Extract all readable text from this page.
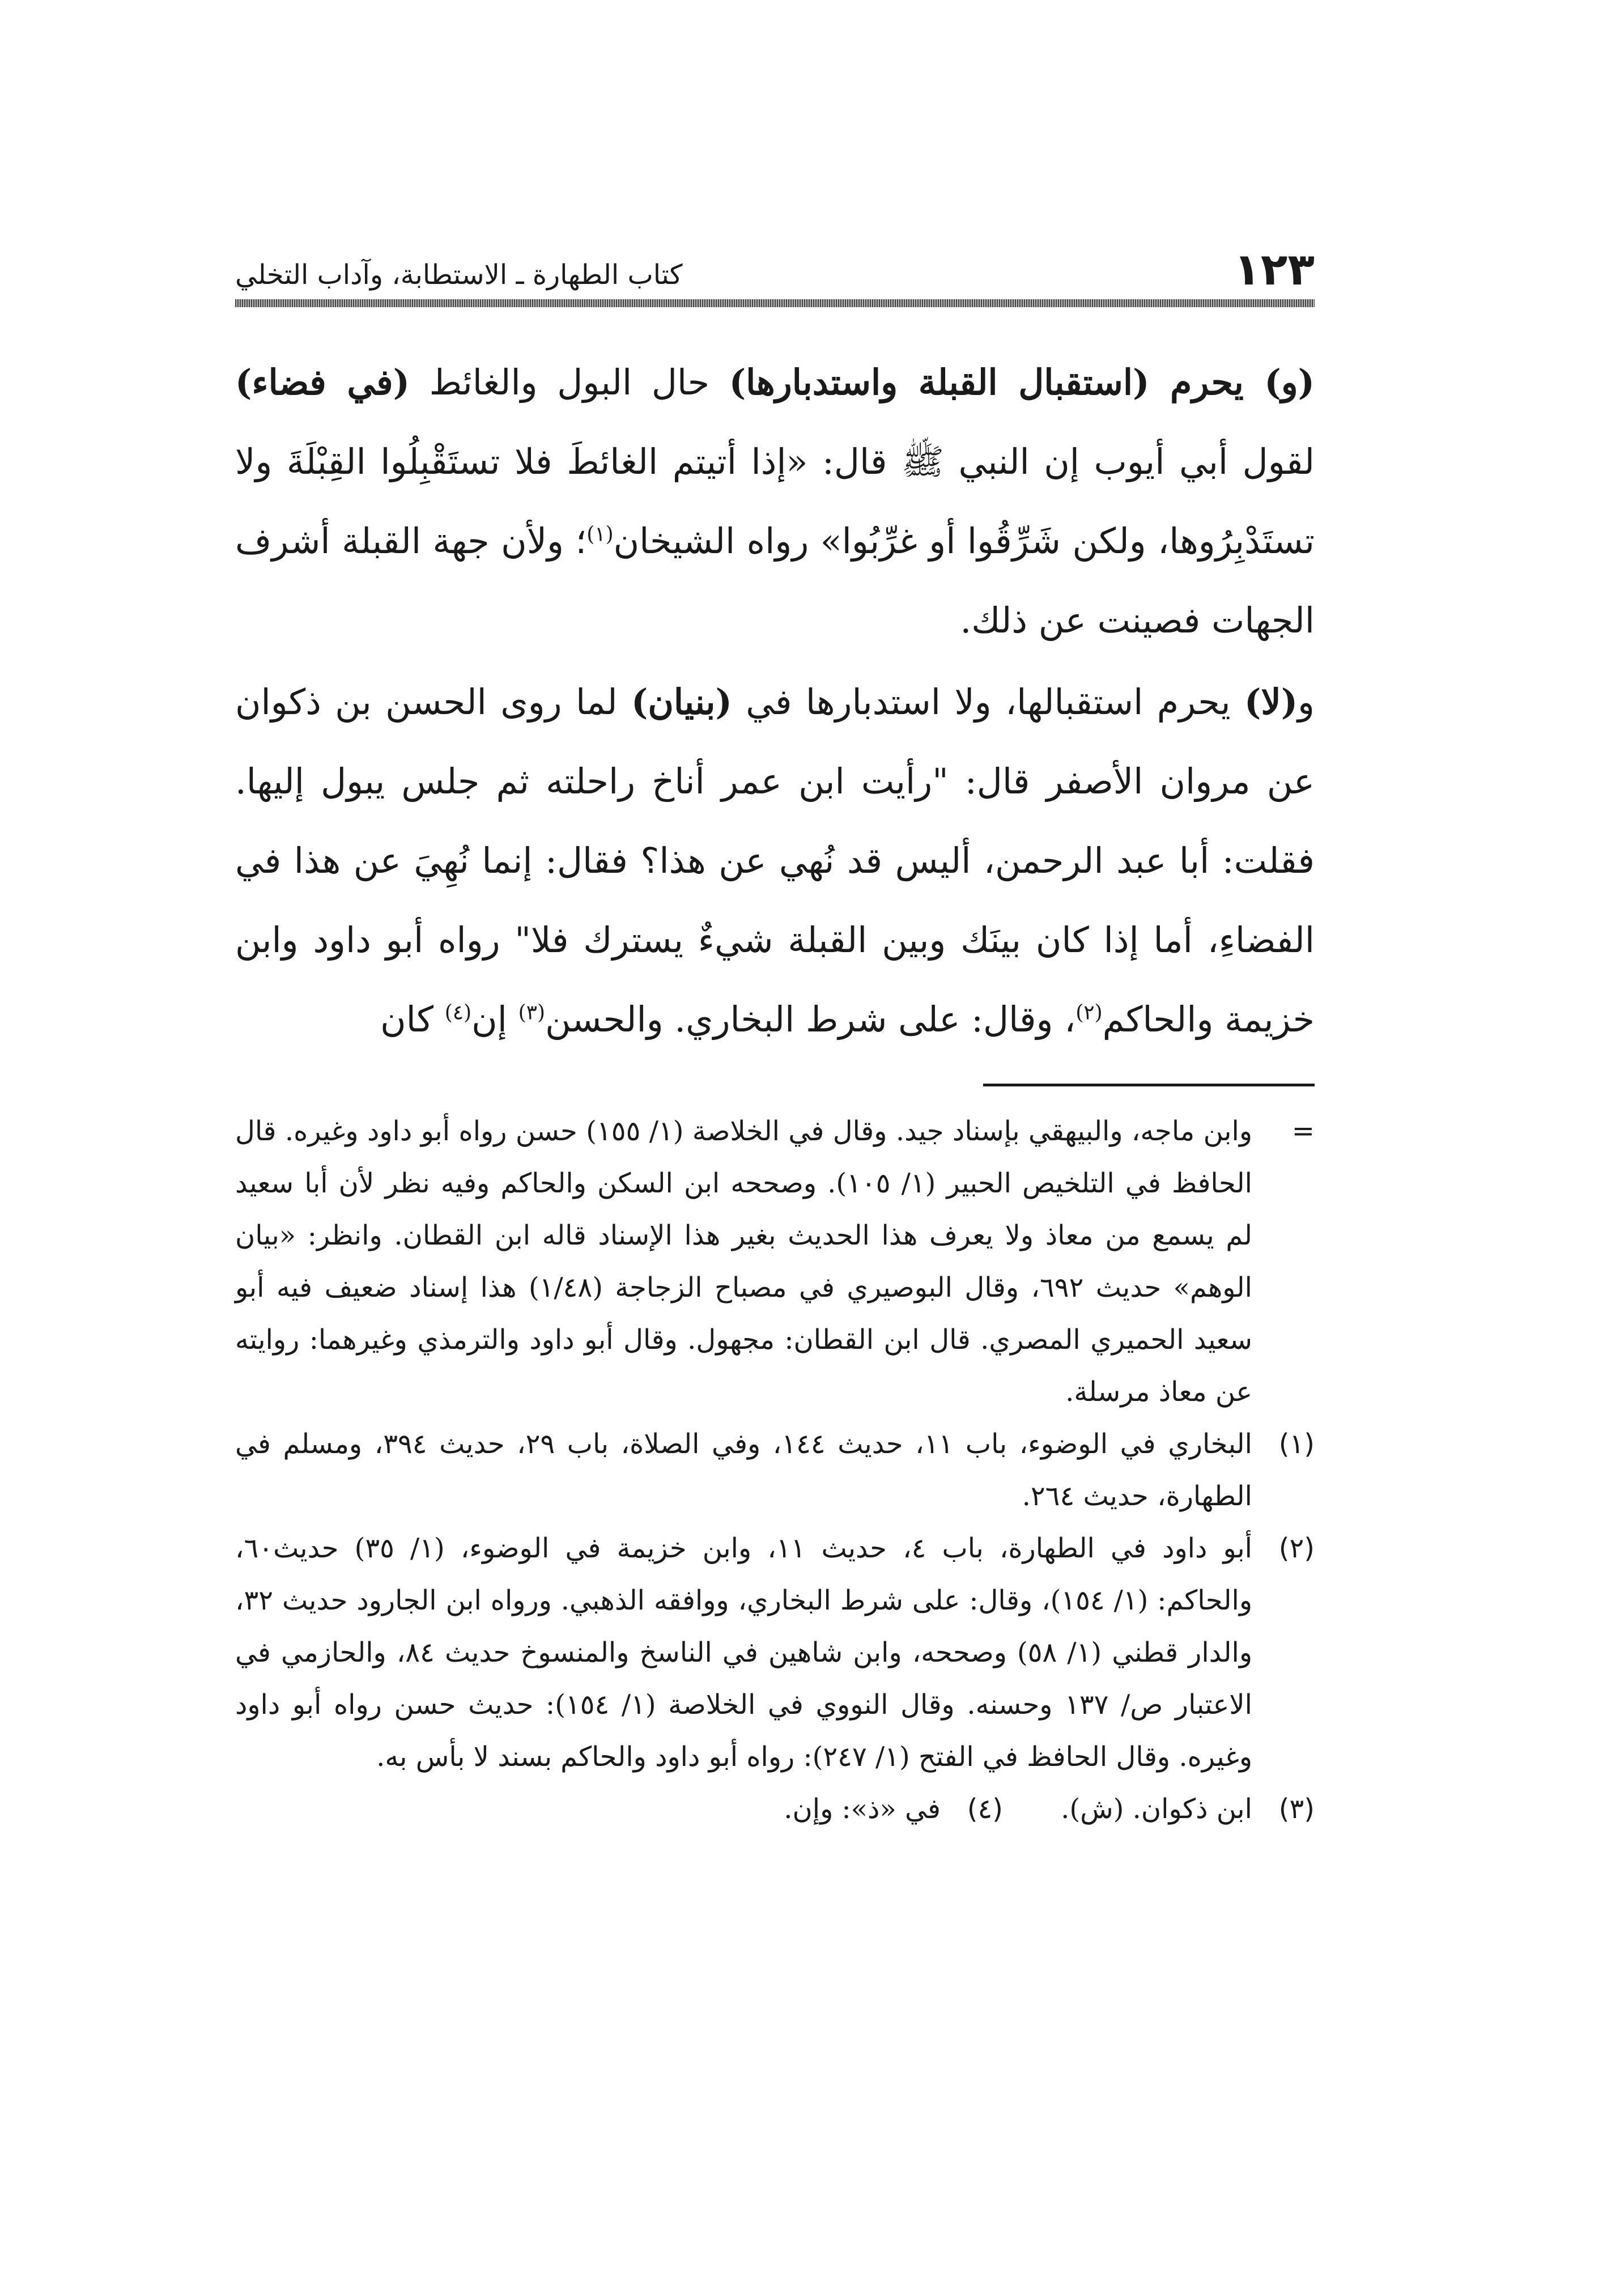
١٢٣
كتاب الطهارة ـ الاستطابة، وآداب التخلي

(و) يحرم (استقبال القبلة واستدبارها) حال البول والغائط (في فضاء) لقول أبي أيوب إن النبي ﷺ قال: «إذا أتيتم الغائطَ فلا تستَقْبِلُوا القِبْلَةَ ولا تستَدْبِرُوها، ولكن شَرِّقُوا أو غرِّبُوا» رواه الشيخان$^{(١)}$؛ ولأن جهة القبلة أشرف الجهات فصينت عن ذلك.

و(لا) يحرم استقبالها، ولا استدبارها في (بنيان) لما روى الحسن بن ذكوان عن مروان الأصفر قال: "رأيت ابن عمر أناخ راحلته ثم جلس يبول إليها. فقلت: أبا عبد الرحمن، أليس قد نُهي عن هذا؟ فقال: إنما نُهِيَ عن هذا في الفضاءِ، أما إذا كان بينَك وبين القبلة شيءٌ يسترك فلا" رواه أبو داود وابن خزيمة والحاكم$^{(٢)}$، وقال: على شرط البخاري. والحسن$^{(٣)}$ إن$^{(٤)}$ كان

=
وابن ماجه، والبيهقي بإسناد جيد. وقال في الخلاصة (١/ ١٥٥) حسن رواه أبو داود وغيره. قال الحافظ في التلخيص الحبير (١/ ١٠٥). وصححه ابن السكن والحاكم وفيه نظر لأن أبا سعيد لم يسمع من معاذ ولا يعرف هذا الحديث بغير هذا الإسناد قاله ابن القطان. وانظر: «بيان الوهم» حديث ٦٩٢، وقال البوصيري في مصباح الزجاجة (١/٤٨) هذا إسناد ضعيف فيه أبو سعيد الحميري المصري. قال ابن القطان: مجهول. وقال أبو داود والترمذي وغيرهما: روايته عن معاذ مرسلة.
(١)
البخاري في الوضوء، باب ١١، حديث ١٤٤، وفي الصلاة، باب ٢٩، حديث ٣٩٤، ومسلم في الطهارة، حديث ٢٦٤.
(٢)
أبو داود في الطهارة، باب ٤، حديث ١١، وابن خزيمة في الوضوء، (١/ ٣٥) حديث٦٠، والحاكم: (١/ ١٥٤)، وقال: على شرط البخاري، ووافقه الذهبي. ورواه ابن الجارود حديث ٣٢، والدار قطني (١/ ٥٨) وصححه، وابن شاهين في الناسخ والمنسوخ حديث ٨٤، والحازمي في الاعتبار ص/ ١٣٧ وحسنه. وقال النووي في الخلاصة (١/ ١٥٤): حديث حسن رواه أبو داود وغيره. وقال الحافظ في الفتح (١/ ٢٤٧): رواه أبو داود والحاكم بسند لا بأس به.
(٣)
ابن ذكوان. (ش).
(٤)
في «ذ»: وإن.
